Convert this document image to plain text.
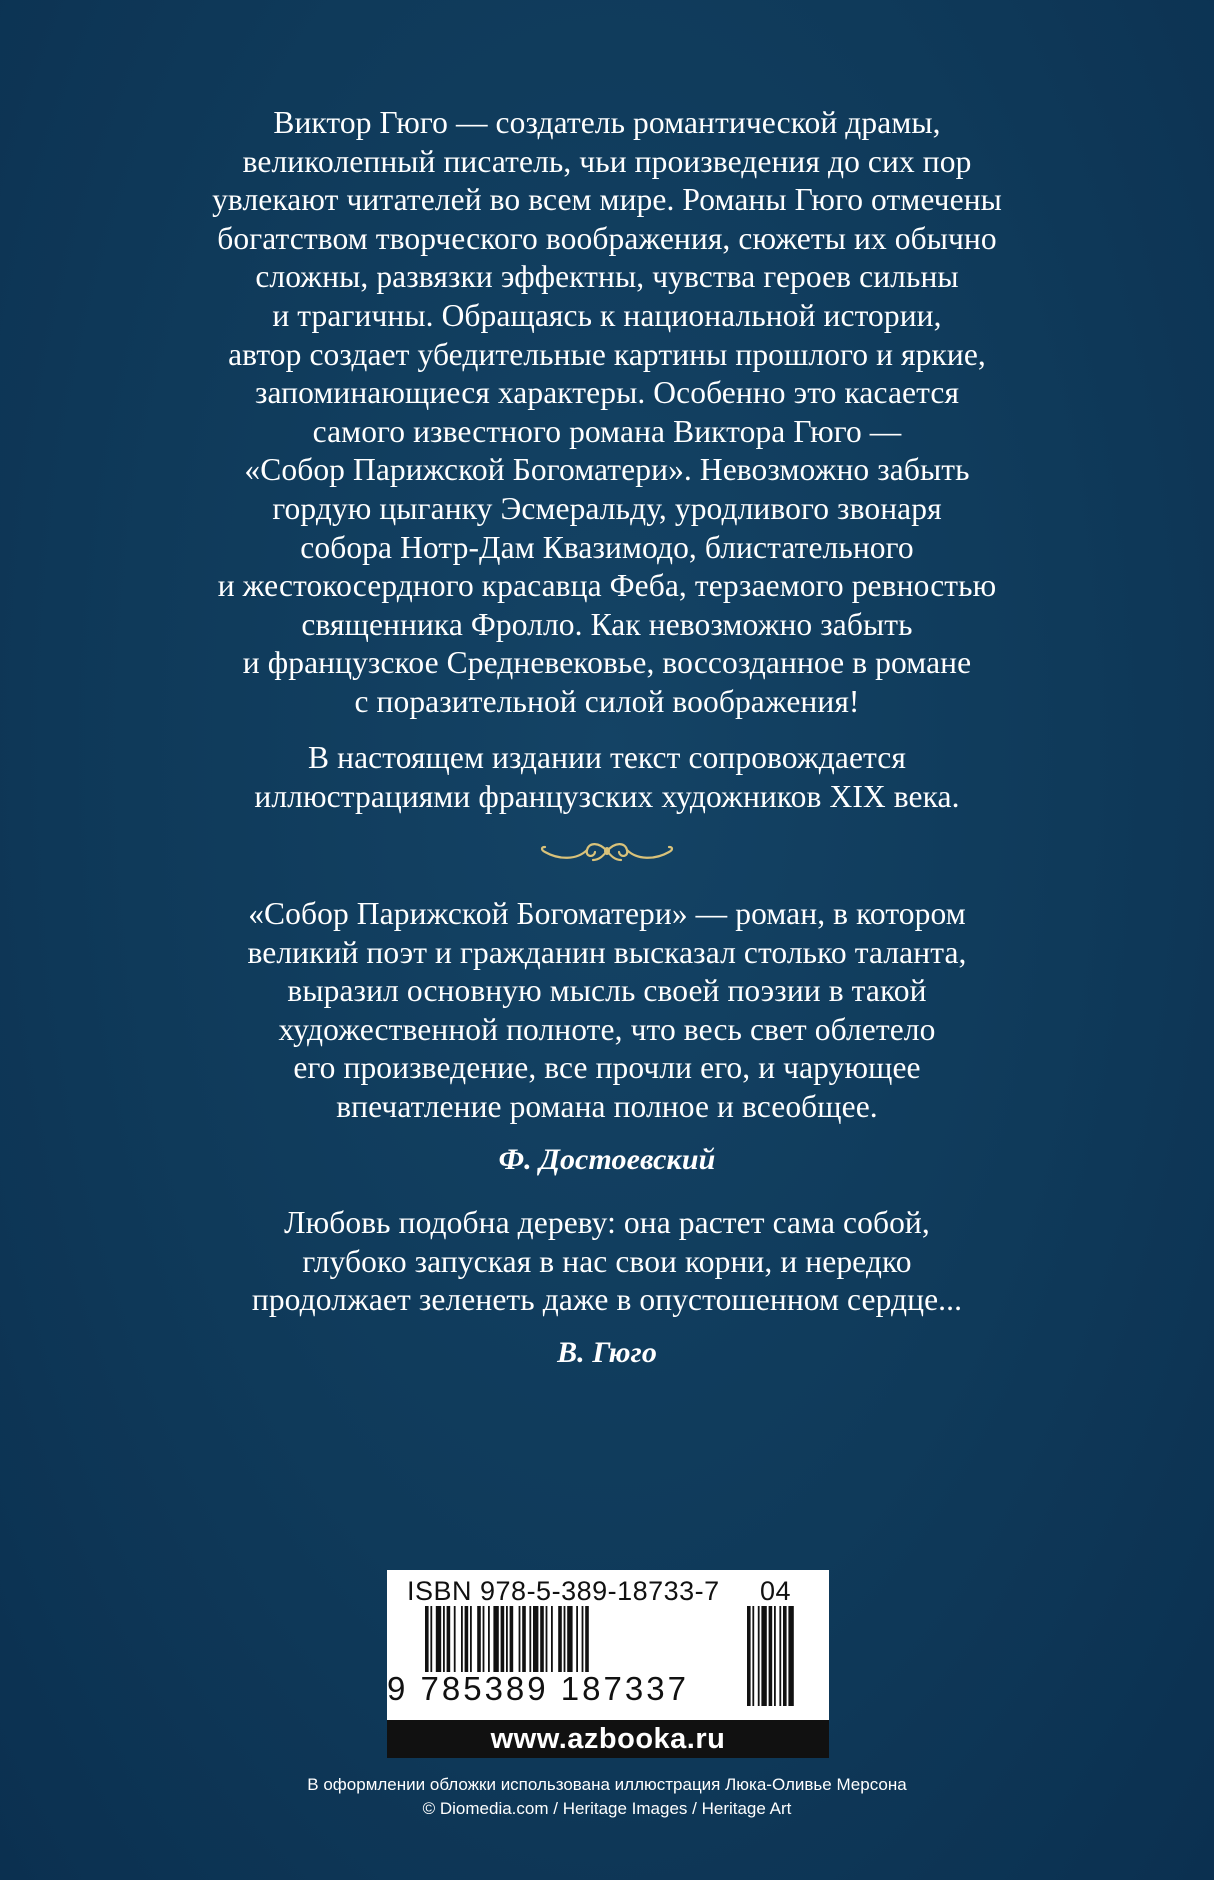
Виктор Гюго — создатель романтической драмы,
великолепный писатель, чьи произведения до сих пор
увлекают читателей во всем мире. Романы Гюго отмечены
богатством творческого воображения, сюжеты их обычно
сложны, развязки эффектны, чувства героев сильны
и трагичны. Обращаясь к национальной истории,
автор создает убедительные картины прошлого и яркие,
запоминающиеся характеры. Особенно это касается
самого известного романа Виктора Гюго —
«Собор Парижской Богоматери». Невозможно забыть
гордую цыганку Эсмеральду, уродливого звонаря
собора Нотр-Дам Квазимодо, блистательного
и жестокосердного красавца Феба, терзаемого ревностью
священника Фролло. Как невозможно забыть
и французское Средневековье, воссозданное в романе
с поразительной силой воображения!
В настоящем издании текст сопровождается
иллюстрациями французских художников XIX века.
«Собор Парижской Богоматери» — роман, в котором
великий поэт и гражданин высказал столько таланта,
выразил основную мысль своей поэзии в такой
художественной полноте, что весь свет облетело
его произведение, все прочли его, и чарующее
впечатление романа полное и всеобщее.
Ф. Достоевский
Любовь подобна дереву: она растет сама собой,
глубоко запуская в нас свои корни, и нередко
продолжает зеленеть даже в опустошенном сердце...
В. Гюго
ISBN 978-5-389-18733-7 04
9 785389 187337
www.azbooka.ru
В оформлении обложки использована иллюстрация Люка-Оливье Мерсона
© Diomedia.com / Heritage Images / Heritage Art
